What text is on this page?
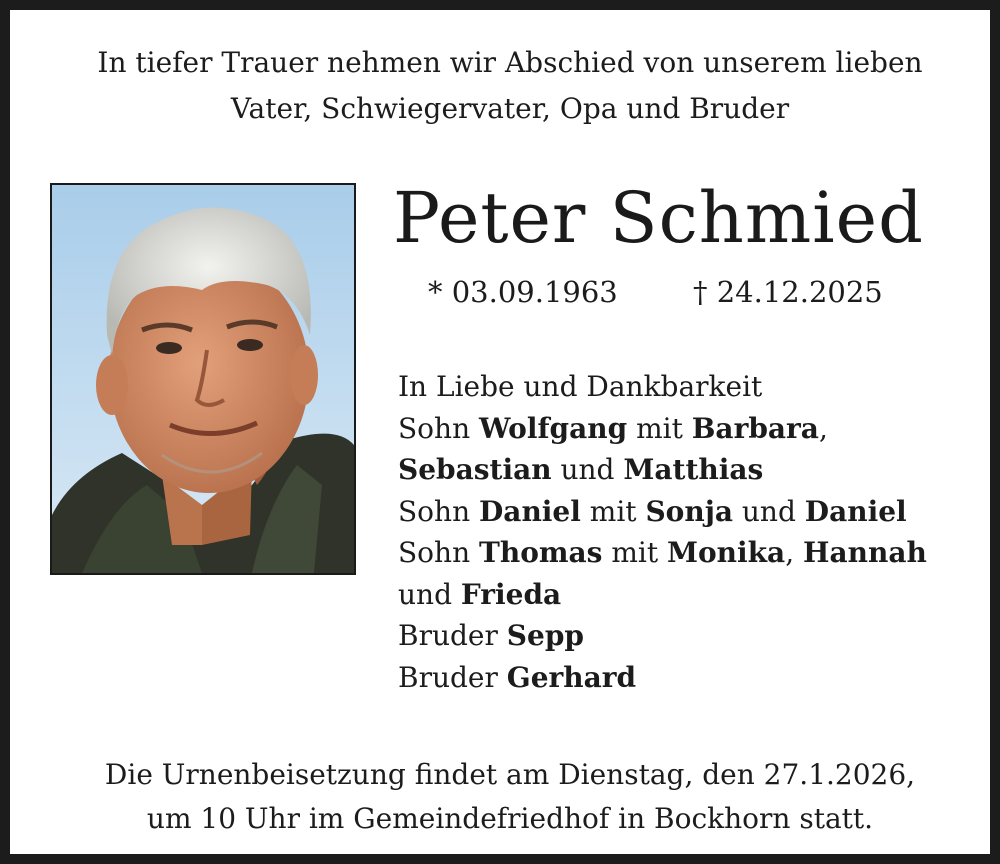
In tiefer Trauer nehmen wir Abschied von unserem lieben
Vater, Schwiegervater, Opa und Bruder

Peter Schmied
* 03.09.1963	† 24.12.2025
In Liebe und Dankbarkeit
Sohn Wolfgang mit Barbara,
Sebastian und Matthias
Sohn Daniel mit Sonja und Daniel
Sohn Thomas mit Monika, Hannah
und Frieda
Bruder Sepp
Bruder Gerhard

Die Urnenbeisetzung findet am Dienstag, den 27.1.2026,
um 10 Uhr im Gemeindefriedhof in Bockhorn statt.
